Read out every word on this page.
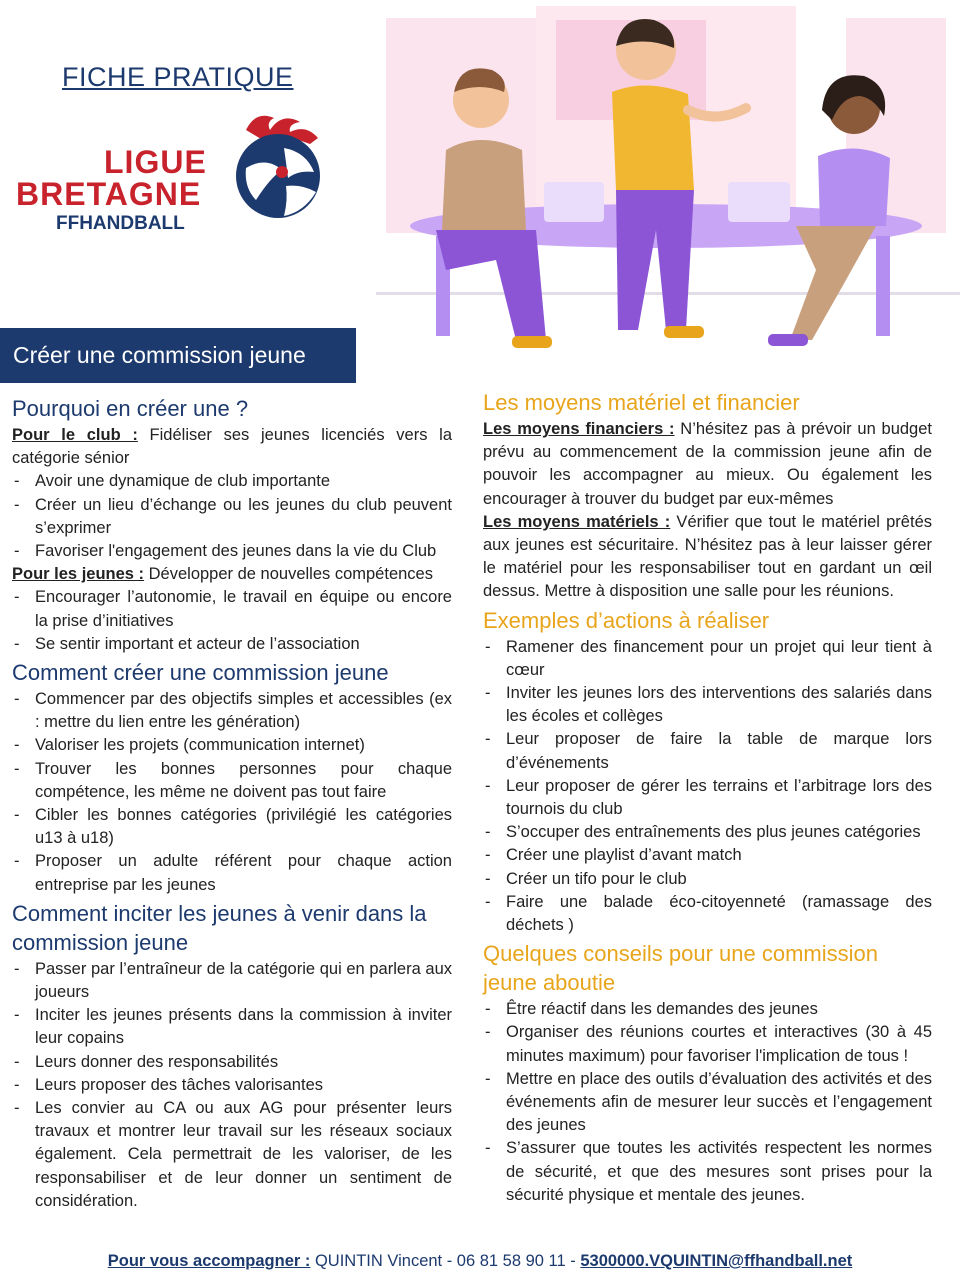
FICHE PRATIQUE
LIGUE
BRETAGNE
FFHANDBALL
Créer une commission jeune
Pourquoi en créer une ?

Pour le club : Fidéliser ses jeunes licenciés vers la catégorie sénior

- Avoir une dynamique de club importante
- Créer un lieu d’échange ou les jeunes du club peuvent s’exprimer
- Favoriser l'engagement des jeunes dans la vie du Club

Pour les jeunes : Développer de nouvelles compétences

- Encourager l’autonomie, le travail en équipe ou encore la prise d’initiatives
- Se sentir important et acteur de l’association
Comment créer une commission jeune
- Commencer par des objectifs simples et accessibles (ex : mettre du lien entre les génération)
- Valoriser les projets (communication internet)
- Trouver les bonnes personnes pour chaque compétence, les même ne doivent pas tout faire
- Cibler les bonnes catégories (privilégié les catégories u13 à u18)
- Proposer un adulte référent pour chaque action entreprise par les jeunes
Comment inciter les jeunes à venir dans la commission jeune
- Passer par l’entraîneur de la catégorie qui en parlera aux joueurs
- Inciter les jeunes présents dans la commission à inviter leur copains
- Leurs donner des responsabilités
- Leurs proposer des tâches valorisantes
- Les convier au CA ou aux AG pour présenter leurs travaux et montrer leur travail sur les réseaux sociaux également. Cela permettrait de les valoriser, de les responsabiliser et de leur donner un sentiment de considération.
Les moyens matériel et financier

Les moyens financiers : N’hésitez pas à prévoir un budget prévu au commencement de la commission jeune afin de pouvoir les accompagner au mieux. Ou également les encourager à trouver du budget par eux-mêmes

Les moyens matériels : Vérifier que tout le matériel prêtés aux jeunes est sécuritaire. N’hésitez pas à leur laisser gérer le matériel pour les responsabiliser tout en gardant un œil dessus. Mettre à disposition une salle pour les réunions.

Exemples d’actions à réaliser
- Ramener des financement pour un projet qui leur tient à cœur
- Inviter les jeunes lors des interventions des salariés dans les écoles et collèges
- Leur proposer de faire la table de marque lors d’événements
- Leur proposer de gérer les terrains et l’arbitrage lors des tournois du club
- S’occuper des entraînements des plus jeunes catégories
- Créer une playlist d’avant match
- Créer un tifo pour le club
- Faire une balade éco-citoyenneté (ramassage des déchets )
Quelques conseils pour une commission jeune aboutie
- Être réactif dans les demandes des jeunes
- Organiser des réunions courtes et interactives (30 à 45 minutes maximum) pour favoriser l'implication de tous !
- Mettre en place des outils d’évaluation des activités et des événements afin de mesurer leur succès et l’engagement des jeunes
- S’assurer que toutes les activités respectent les normes de sécurité, et que des mesures sont prises pour la sécurité physique et mentale des jeunes.
Pour vous accompagner : QUINTIN Vincent - 06 81 58 90 11 - 5300000.VQUINTIN@ffhandball.net
